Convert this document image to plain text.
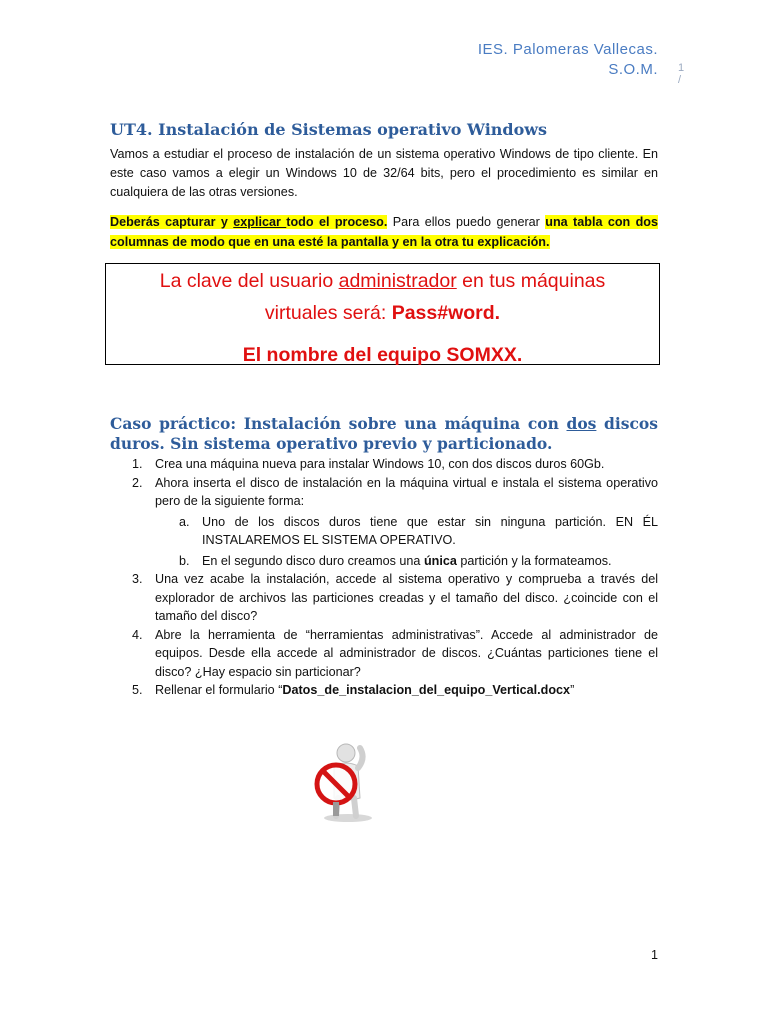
IES. Palomeras Vallecas.
S.O.M. 1
/
UT4. Instalación de Sistemas operativo Windows

Vamos a estudiar el proceso de instalación de un sistema operativo Windows de tipo cliente. En este caso vamos a elegir un Windows 10 de 32/64 bits, pero el procedimiento es similar en cualquiera de las otras versiones.

Deberás capturar y explicar todo el proceso. Para ellos puedo generar una tabla con dos columnas de modo que en una esté la pantalla y en la otra tu explicación.

La clave del usuario administrador en tus máquinas
virtuales será: Pass#word.
El nombre del equipo SOMXX.
Caso práctico: Instalación sobre una máquina con dos discos duros. Sin sistema operativo previo y particionado.
1. Crea una máquina nueva para instalar Windows 10, con dos discos duros 60Gb.
2. Ahora inserta el disco de instalación en la máquina virtual e instala el sistema operativo pero de la siguiente forma:
a. Uno de los discos duros tiene que estar sin ninguna partición. EN ÉL INSTALAREMOS EL SISTEMA OPERATIVO.
b. En el segundo disco duro creamos una única partición y la formateamos.
3. Una vez acabe la instalación, accede al sistema operativo y comprueba a través del explorador de archivos las particiones creadas y el tamaño del disco. ¿coincide con el tamaño del disco?
4. Abre la herramienta de “herramientas administrativas”. Accede al administrador de equipos. Desde ella accede al administrador de discos. ¿Cuántas particiones tiene el disco? ¿Hay espacio sin particionar?
5. Rellenar el formulario “Datos_de_instalacion_del_equipo_Vertical.docx”
1
